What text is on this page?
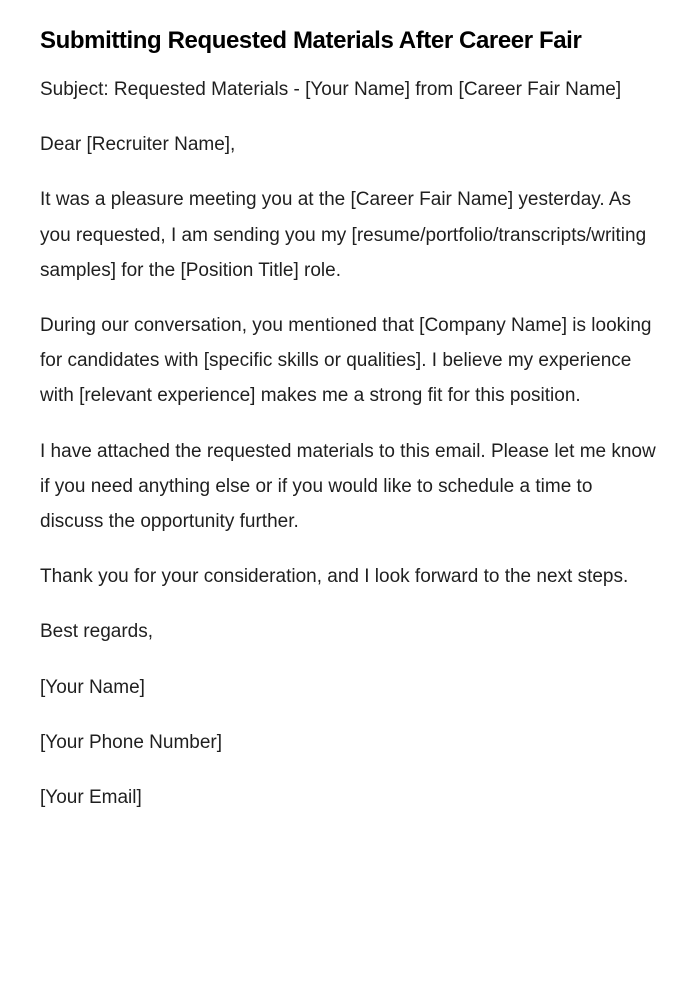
Submitting Requested Materials After Career Fair

Subject: Requested Materials - [Your Name] from [Career Fair Name]

Dear [Recruiter Name],

It was a pleasure meeting you at the [Career Fair Name] yesterday. As you requested, I am sending you my [resume/portfolio/transcripts/writing samples] for the [Position Title] role.

During our conversation, you mentioned that [Company Name] is looking for candidates with [specific skills or qualities]. I believe my experience with [relevant experience] makes me a strong fit for this position.

I have attached the requested materials to this email. Please let me know if you need anything else or if you would like to schedule a time to discuss the opportunity further.

Thank you for your consideration, and I look forward to the next steps.

Best regards,

[Your Name]

[Your Phone Number]

[Your Email]
